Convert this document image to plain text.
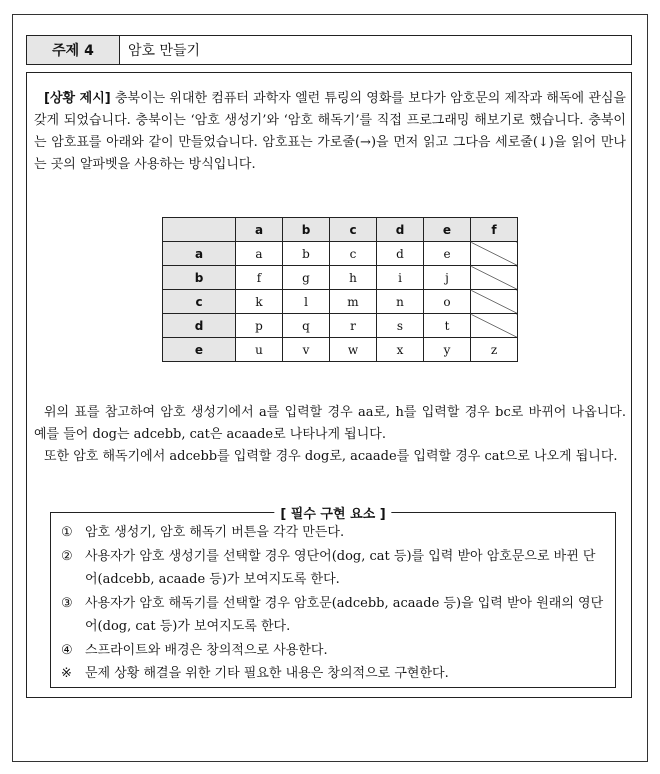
주제 4	암호 만들기

[상황 제시] 충북이는 위대한 컴퓨터 과학자 엘런 튜링의 영화를 보다가 암호문의 제작과 해독에 관심을 갖게 되었습니다. 충북이는 ‘암호 생성기’와 ‘암호 해독기’를 직접 프로그래밍 해보기로 했습니다. 충북이는 암호표를 아래와 같이 만들었습니다. 암호표는 가로줄(→)을 먼저 읽고 그다음 세로줄(↓)을 읽어 만나는 곳의 알파벳을 사용하는 방식입니다.

	a	b	c	d	e	f
a	a	b	c	d	e	
b	f	g	h	i	j	
c	k	l	m	n	o	
d	p	q	r	s	t	
e	u	v	w	x	y	z

위의 표를 참고하여 암호 생성기에서 a를 입력할 경우 aa로, h를 입력할 경우 bc로 바뀌어 나옵니다. 예를 들어 dog는 adcebb, cat은 acaade로 나타나게 됩니다.

또한 암호 해독기에서 adcebb를 입력할 경우 dog로, acaade를 입력할 경우 cat으로 나오게 됩니다.

[ 필수 구현 요소 ]
① 암호 생성기, 암호 해독기 버튼을 각각 만든다.
② 사용자가 암호 생성기를 선택할 경우 영단어(dog, cat 등)를 입력 받아 암호문으로 바뀐 단어(adcebb, acaade 등)가 보여지도록 한다.
③ 사용자가 암호 해독기를 선택할 경우 암호문(adcebb, acaade 등)을 입력 받아 원래의 영단어(dog, cat 등)가 보여지도록 한다.
④ 스프라이트와 배경은 창의적으로 사용한다.
※ 문제 상황 해결을 위한 기타 필요한 내용은 창의적으로 구현한다.
